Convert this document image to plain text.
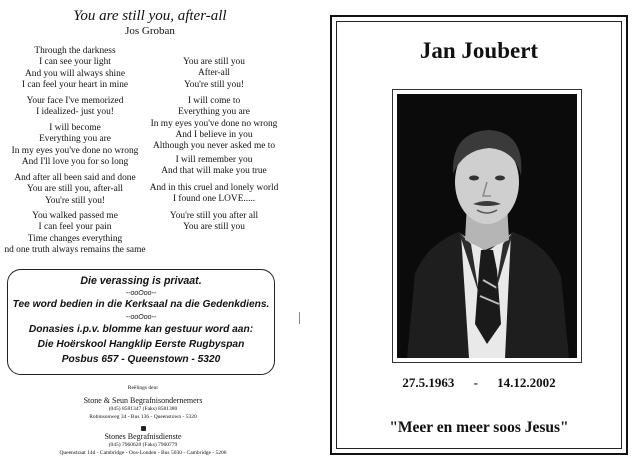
You are still you, after-all
Jos Groban
Through the darkness
I can see your light
And you will always shine
I can feel your heart in mine
Your face I've memorized
I idealized- just you!
I will become
Everything you are
In my eyes you've done no wrong
And I'll love you for so long
And after all been said and done
You are still you, after-all
You're still you!
You walked passed me
I can feel your pain
Time changes everything
nd one truth always remains the same
You are still you
After-all
You're still you!
I will come to
Everything you are
In my eyes you've done no wrong
And I believe in you
Although you never asked me to
I will remember you
And that will make you true
And in this cruel and lonely world
I found one LOVE.....
You're still you after all
You are still you
Die verassing is privaat.
--ooOoo--
Tee word bedien in die Kerksaal na die Gedenkdiens.
--ooOoo--
Donasies i.p.v. blomme kan gestuur word aan:
Die Hoërskool Hangklip Eerste Rugbyspan
Posbus 657 - Queenstown - 5320
Reëlings deur
Stone & Seun Begrafnisondernemers
(045) 8581347 (Faks) 8581380
Robinsonweg 34 - Bus 136 - Queenstown - 5320
Stones Begrafnisdienste
(045) 7960620 (Faks) 7960779
Queenstraat 14d - Cambridge - Oos-Londen - Bus 5030 - Cambridge - 5206
Jan Joubert
27.5.1963 - 14.12.2002
"Meer en meer soos Jesus"
